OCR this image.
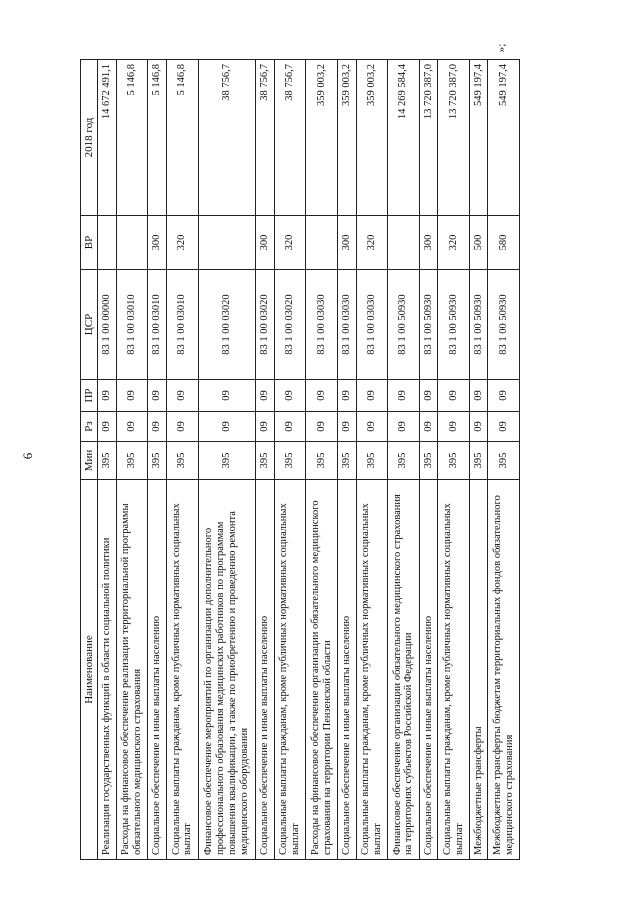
6
»;
Наименование	Мин	Рз	ПР	ЦСР	ВР	2018 год
Реализация государственных функций в области социальной политики	395	09	09	83 1 00 00000		14 672 491,1
Расходы на финансовое обеспечение реализации территориальной программы обязательного медицинского страхования	395	09	09	83 1 00 03010		5 146,8
Социальное обеспечение и иные выплаты населению	395	09	09	83 1 00 03010	300	5 146,8
Социальные выплаты гражданам, кроме публичных нормативных социальных выплат	395	09	09	83 1 00 03010	320	5 146,8
Финансовое обеспечение мероприятий по организации дополнительного профессионального образования медицинских работников по программам повышения квалификации, а также по приобретению и проведению ремонта медицинского оборудования	395	09	09	83 1 00 03020		38 756,7
Социальное обеспечение и иные выплаты населению	395	09	09	83 1 00 03020	300	38 756,7
Социальные выплаты гражданам, кроме публичных нормативных социальных выплат	395	09	09	83 1 00 03020	320	38 756,7
Расходы на финансовое обеспечение организации обязательного медицинского страхования на территории Пензенской области	395	09	09	83 1 00 03030		359 003,2
Социальное обеспечение и иные выплаты населению	395	09	09	83 1 00 03030	300	359 003,2
Социальные выплаты гражданам, кроме публичных нормативных социальных выплат	395	09	09	83 1 00 03030	320	359 003,2
Финансовое обеспечение организации обязательного медицинского страхования на территориях субъектов Российской Федерации	395	09	09	83 1 00 50930		14 269 584,4
Социальное обеспечение и иные выплаты населению	395	09	09	83 1 00 50930	300	13 720 387,0
Социальные выплаты гражданам, кроме публичных нормативных социальных выплат	395	09	09	83 1 00 50930	320	13 720 387,0
Межбюджетные трансферты	395	09	09	83 1 00 50930	500	549 197,4
Межбюджетные трансферты бюджетам территориальных фондов обязательного медицинского страхования	395	09	09	83 1 00 50930	580	549 197,4
